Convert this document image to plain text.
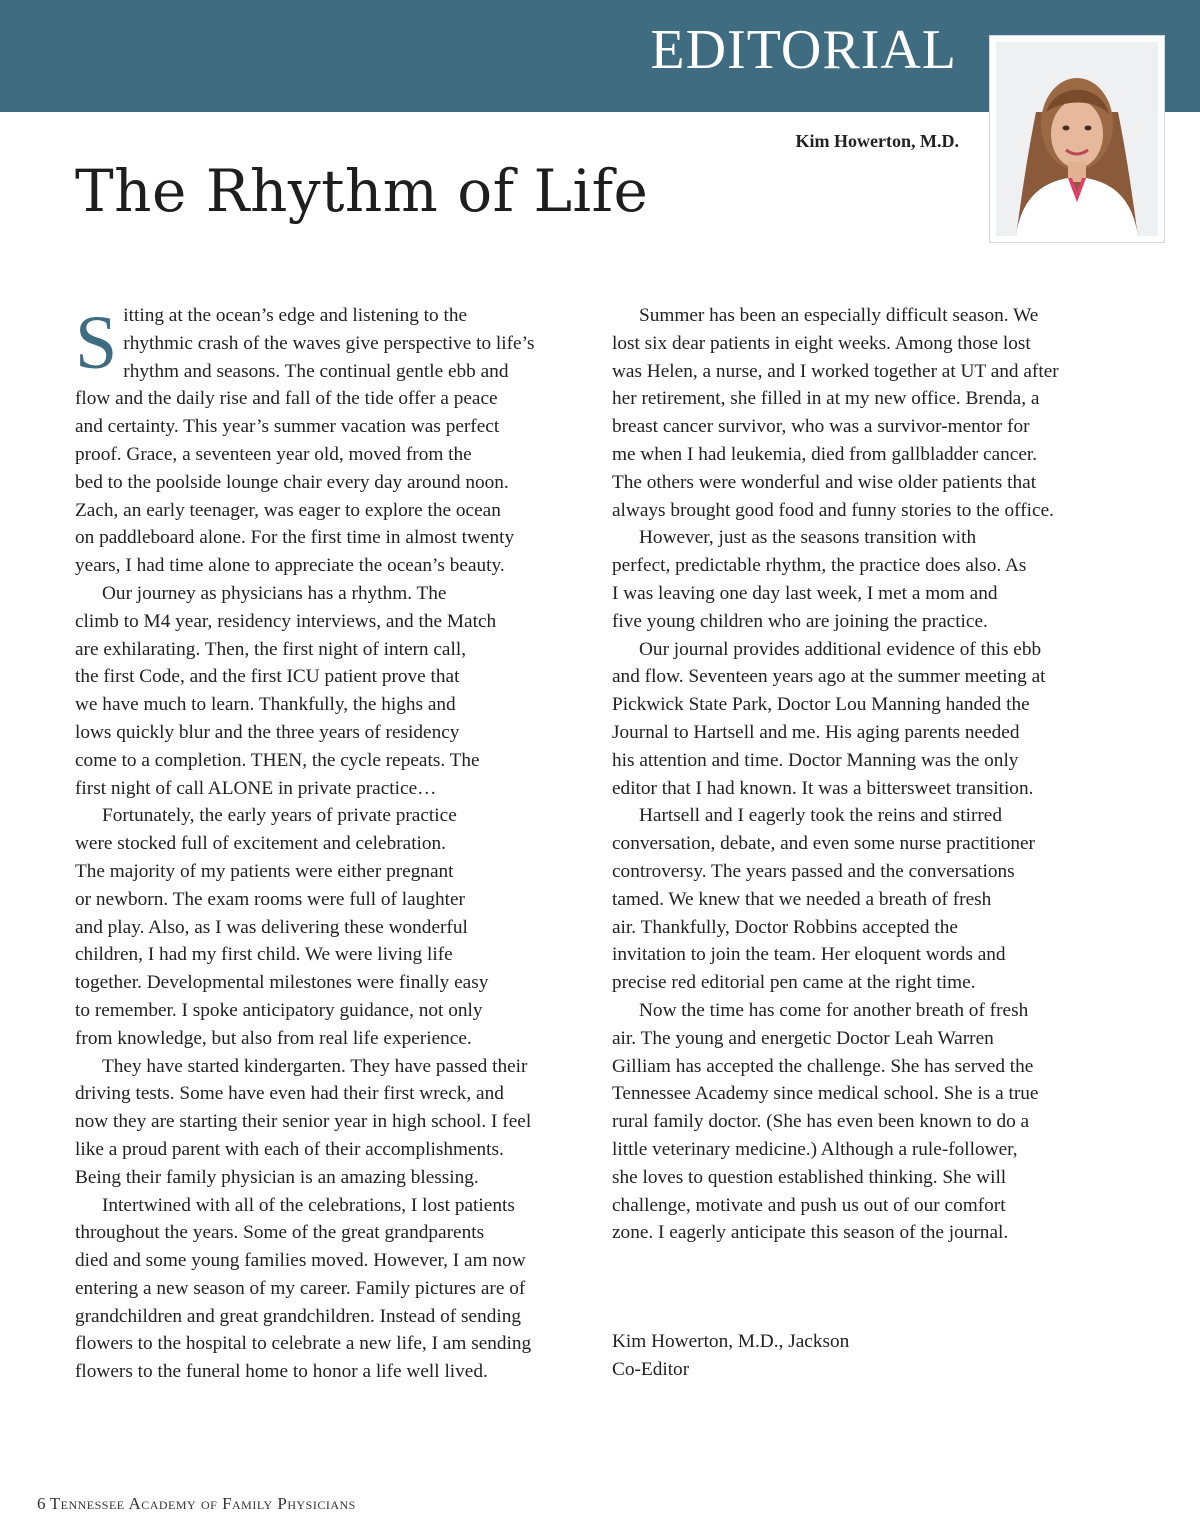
EDITORIAL
Kim Howerton, M.D.
The Rhythm of Life
S itting at the ocean’s edge and listening to the
rhythmic crash of the waves give perspective to life’s
rhythm and seasons. The continual gentle ebb and
flow and the daily rise and fall of the tide offer a peace
and certainty. This year’s summer vacation was perfect
proof. Grace, a seventeen year old, moved from the
bed to the poolside lounge chair every day around noon.
Zach, an early teenager, was eager to explore the ocean
on paddleboard alone. For the first time in almost twenty
years, I had time alone to appreciate the ocean’s beauty.
Our journey as physicians has a rhythm. The
climb to M4 year, residency interviews, and the Match
are exhilarating. Then, the first night of intern call,
the first Code, and the first ICU patient prove that
we have much to learn. Thankfully, the highs and
lows quickly blur and the three years of residency
come to a completion. THEN, the cycle repeats. The
first night of call ALONE in private practice…
Fortunately, the early years of private practice
were stocked full of excitement and celebration.
The majority of my patients were either pregnant
or newborn. The exam rooms were full of laughter
and play. Also, as I was delivering these wonderful
children, I had my first child. We were living life
together. Developmental milestones were finally easy
to remember. I spoke anticipatory guidance, not only
from knowledge, but also from real life experience.
They have started kindergarten. They have passed their
driving tests. Some have even had their first wreck, and
now they are starting their senior year in high school. I feel
like a proud parent with each of their accomplishments.
Being their family physician is an amazing blessing.
Intertwined with all of the celebrations, I lost patients
throughout the years. Some of the great grandparents
died and some young families moved. However, I am now
entering a new season of my career. Family pictures are of
grandchildren and great grandchildren. Instead of sending
flowers to the hospital to celebrate a new life, I am sending
flowers to the funeral home to honor a life well lived.
Summer has been an especially difficult season. We
lost six dear patients in eight weeks. Among those lost
was Helen, a nurse, and I worked together at UT and after
her retirement, she filled in at my new office. Brenda, a
breast cancer survivor, who was a survivor-mentor for
me when I had leukemia, died from gallbladder cancer.
The others were wonderful and wise older patients that
always brought good food and funny stories to the office.
However, just as the seasons transition with
perfect, predictable rhythm, the practice does also. As
I was leaving one day last week, I met a mom and
five young children who are joining the practice.
Our journal provides additional evidence of this ebb
and flow. Seventeen years ago at the summer meeting at
Pickwick State Park, Doctor Lou Manning handed the
Journal to Hartsell and me. His aging parents needed
his attention and time. Doctor Manning was the only
editor that I had known. It was a bittersweet transition.
Hartsell and I eagerly took the reins and stirred
conversation, debate, and even some nurse practitioner
controversy. The years passed and the conversations
tamed. We knew that we needed a breath of fresh
air. Thankfully, Doctor Robbins accepted the
invitation to join the team. Her eloquent words and
precise red editorial pen came at the right time.
Now the time has come for another breath of fresh
air. The young and energetic Doctor Leah Warren
Gilliam has accepted the challenge. She has served the
Tennessee Academy since medical school. She is a true
rural family doctor. (She has even been known to do a
little veterinary medicine.) Although a rule-follower,
she loves to question established thinking. She will
challenge, motivate and push us out of our comfort
zone. I eagerly anticipate this season of the journal.
Kim Howerton, M.D., Jackson
Co-Editor
6 Tennessee Academy of Family Physicians
